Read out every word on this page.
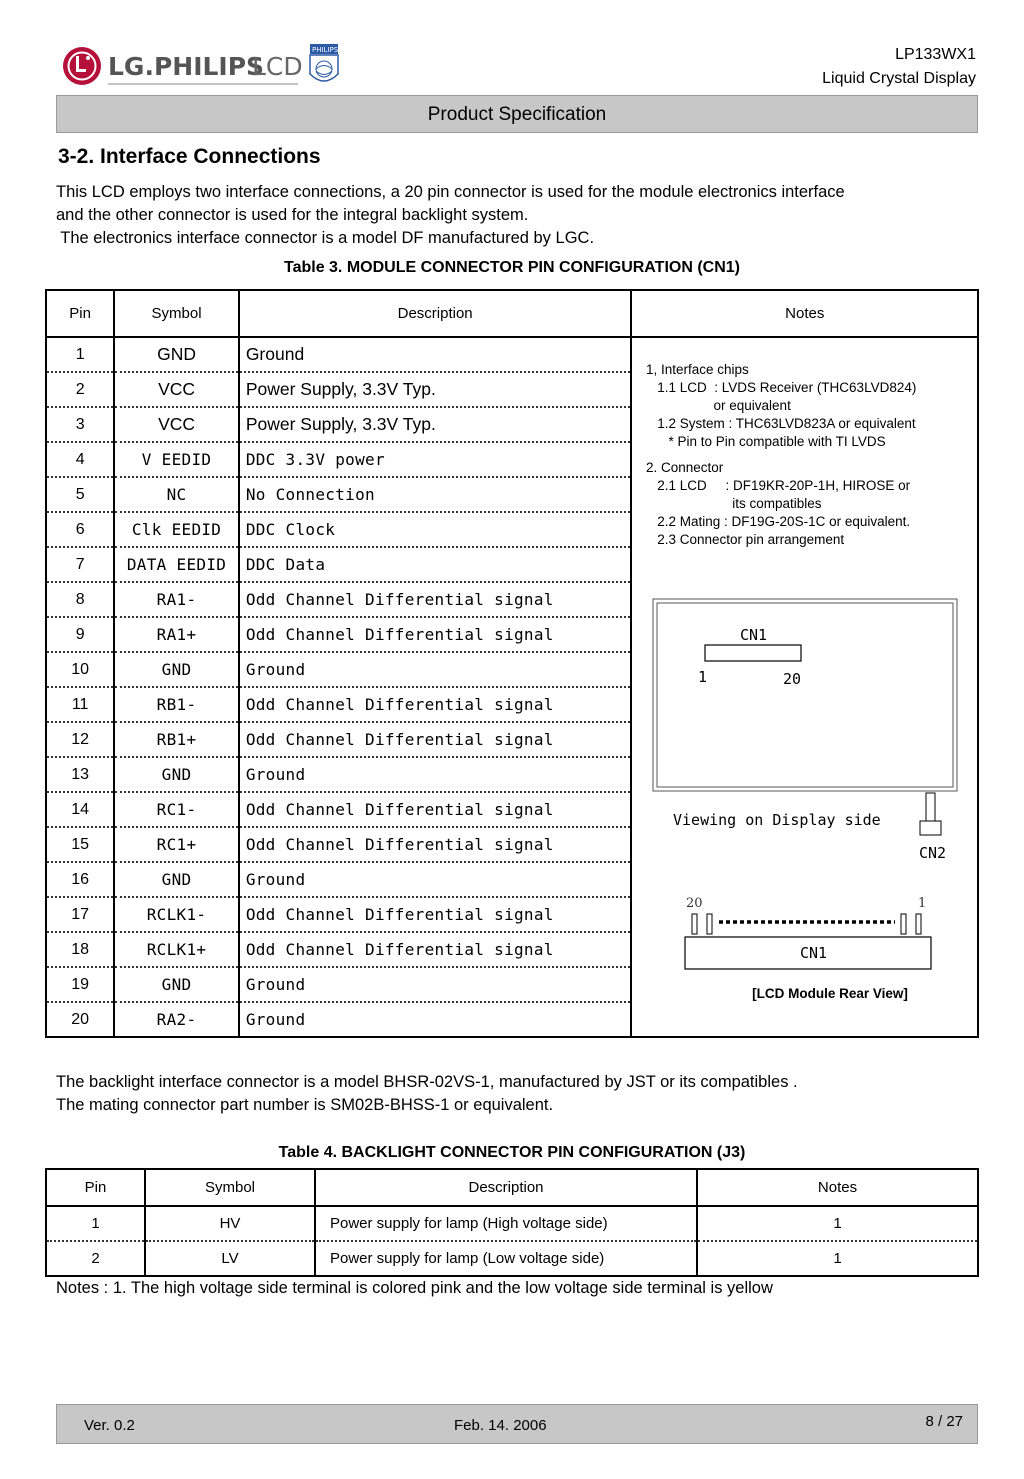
LG.PHILIPS
LCD
PHILIPS	LP133WX1
Liquid Crystal Display
Product Specification
3-2. Interface Connections

This LCD employs two interface connections, a 20 pin connector is used for the module electronics interface

and the other connector is used for the integral backlight system.

The electronics interface connector is a model DF manufactured by LGC.

Table 3. MODULE CONNECTOR PIN CONFIGURATION (CN1)
Pin	Symbol	Description	Notes
1	GND	Ground	
2	VCC	Power Supply, 3.3V Typ.	
3	VCC	Power Supply, 3.3V Typ.	
4	V EEDID	DDC 3.3V power	
5	NC	No Connection	
6	Clk EEDID	DDC Clock	
7	DATA EEDID	DDC Data	
8	RA1-	Odd Channel Differential signal	
9	RA1+	Odd Channel Differential signal	
10	GND	Ground	
11	RB1-	Odd Channel Differential signal	
12	RB1+	Odd Channel Differential signal	
13	GND	Ground	
14	RC1-	Odd Channel Differential signal	
15	RC1+	Odd Channel Differential signal	
16	GND	Ground	
17	RCLK1-	Odd Channel Differential signal	
18	RCLK1+	Odd Channel Differential signal	
19	GND	Ground	
20	RA2-	Ground	
1, Interface chips
1.1 LCD  : LVDS Receiver (THC63LVD824)
or equivalent
1.2 System : THC63LVD823A or equivalent
* Pin to Pin compatible with TI LVDS
2. Connector
2.1 LCD     : DF19KR-20P-1H, HIROSE or
its compatibles
2.2 Mating : DF19G-20S-1C or equivalent.
2.3 Connector pin arrangement
CN1
1	20
Viewing on Display side
CN2
20	1
CN1
[LCD Module Rear View]

The backlight interface connector is a model BHSR-02VS-1, manufactured by JST or its compatibles .

The mating connector part number is SM02B-BHSS-1 or equivalent.

Table 4. BACKLIGHT CONNECTOR PIN CONFIGURATION (J3)
Pin	Symbol	Description	Notes
1	HV	Power supply for lamp (High voltage side)	1
2	LV	Power supply for lamp (Low voltage side)	1
Notes : 1. The high voltage side terminal is colored pink and the low voltage side terminal is yellow
Ver. 0.2	Feb. 14. 2006	8 / 27
